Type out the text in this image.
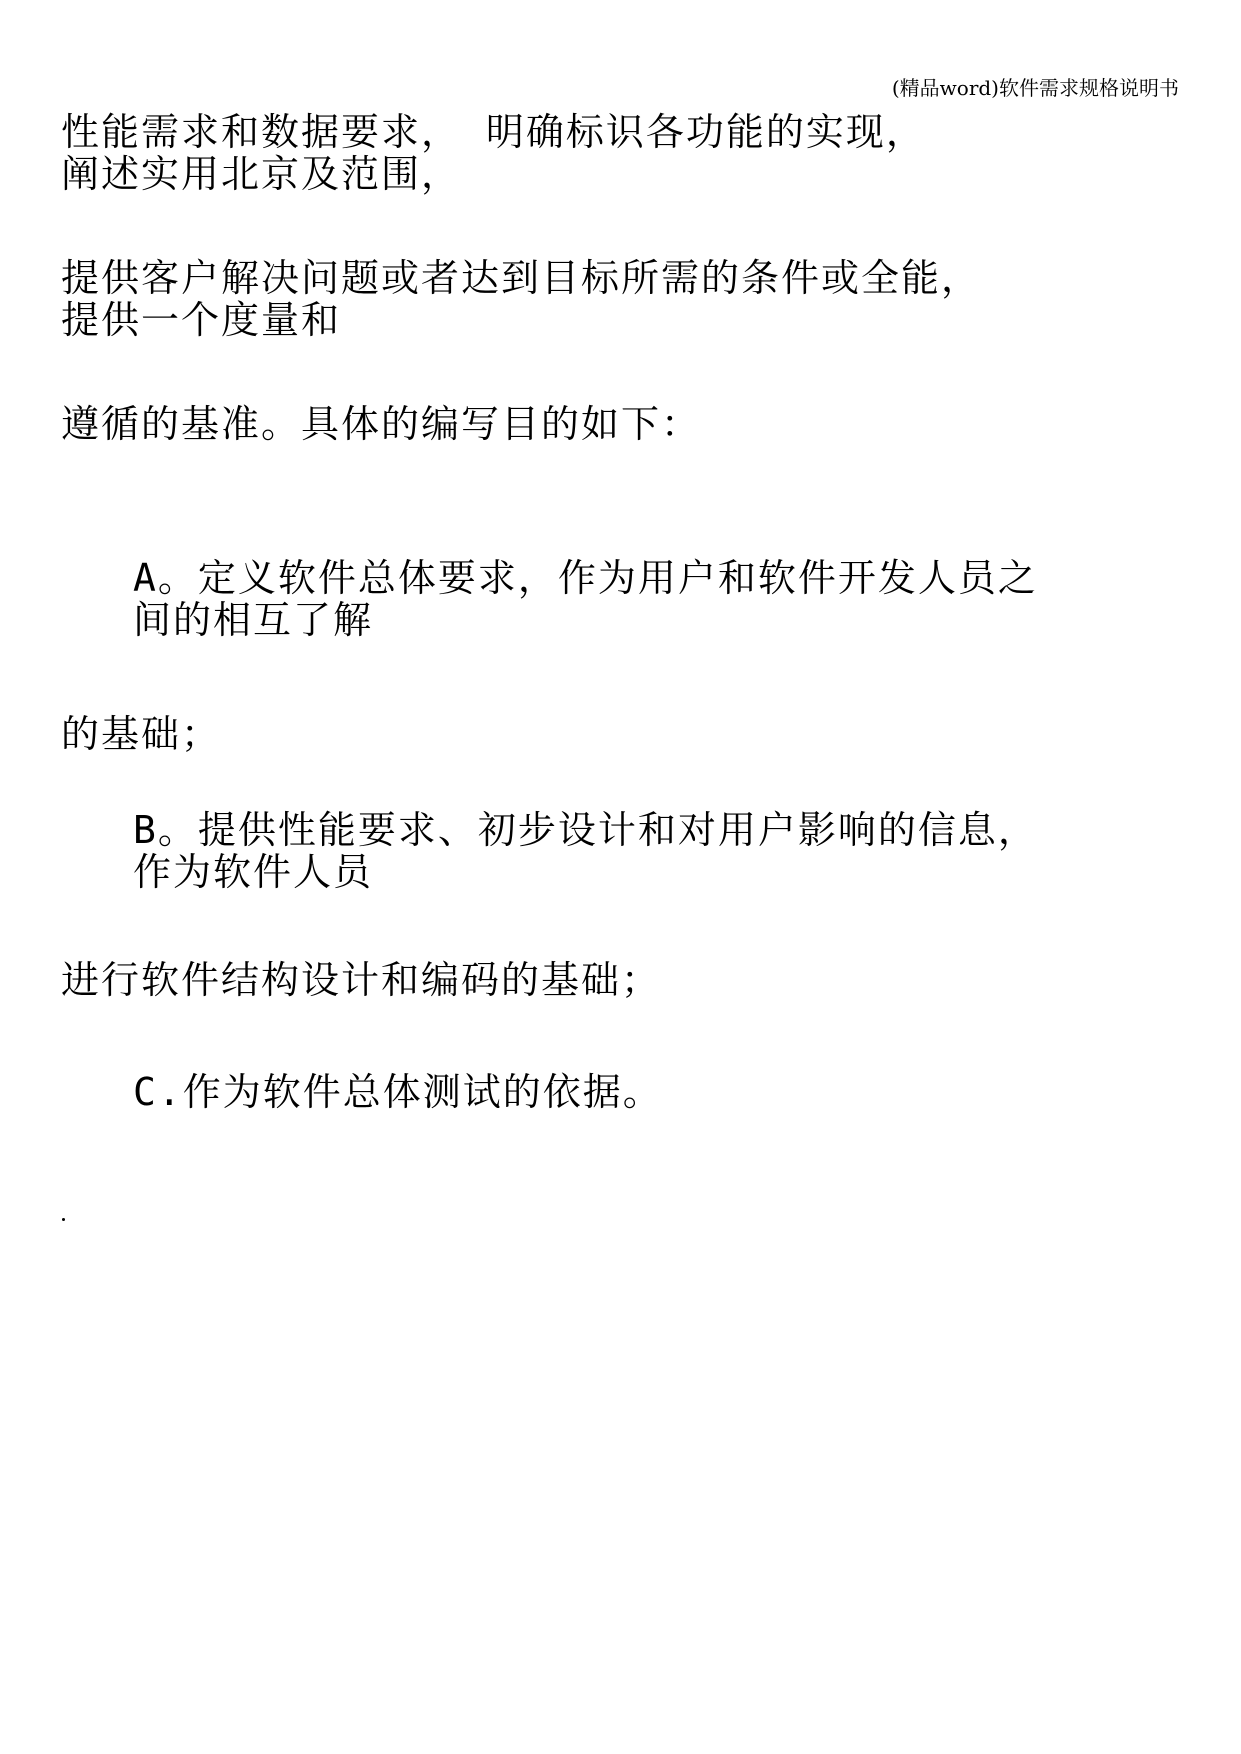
(精品word)软件需求规格说明书
性能需求和数据要求， 明确标识各功能的实现，
阐述实用北京及范围，
提供客户解决问题或者达到目标所需的条件或全能，
提供一个度量和
遵循的基准。具体的编写目的如下：
A。定义软件总体要求，作为用户和软件开发人员之
间的相互了解
的基础；
B。提供性能要求、初步设计和对用户影响的信息，
作为软件人员
进行软件结构设计和编码的基础；
C.作为软件总体测试的依据。
